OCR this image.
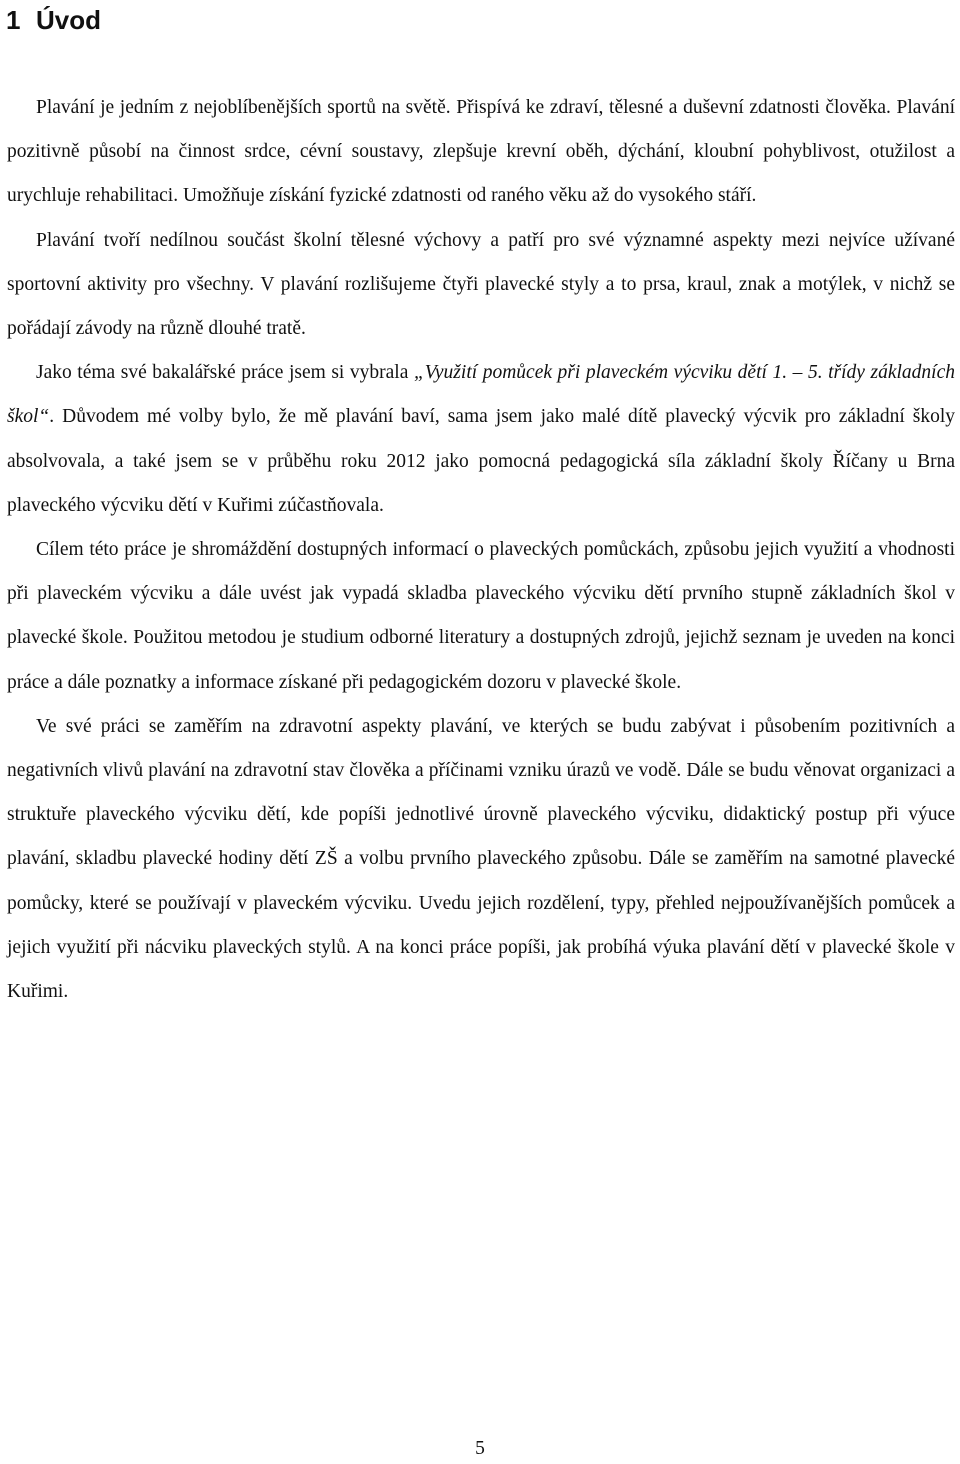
1 Úvod

Plavání je jedním z nejoblíbenějších sportů na světě. Přispívá ke zdraví, tělesné a duševní zdatnosti člověka. Plavání pozitivně působí na činnost srdce, cévní soustavy, zlepšuje krevní oběh, dýchání, kloubní pohyblivost, otužilost a urychluje rehabilitaci. Umožňuje získání fyzické zdatnosti od raného věku až do vysokého stáří.

Plavání tvoří nedílnou součást školní tělesné výchovy a patří pro své významné aspekty mezi nejvíce užívané sportovní aktivity pro všechny. V plavání rozlišujeme čtyři plavecké styly a to prsa, kraul, znak a motýlek, v nichž se pořádají závody na různě dlouhé tratě.

Jako téma své bakalářské práce jsem si vybrala „Využití pomůcek při plaveckém výcviku dětí 1. – 5. třídy základních škol“. Důvodem mé volby bylo, že mě plavání baví, sama jsem jako malé dítě plavecký výcvik pro základní školy absolvovala, a také jsem se v průběhu roku 2012 jako pomocná pedagogická síla základní školy Říčany u Brna plaveckého výcviku dětí v Kuřimi zúčastňovala.

Cílem této práce je shromáždění dostupných informací o plaveckých pomůckách, způsobu jejich využití a vhodnosti při plaveckém výcviku a dále uvést jak vypadá skladba plaveckého výcviku dětí prvního stupně základních škol v plavecké škole. Použitou metodou je studium odborné literatury a dostupných zdrojů, jejichž seznam je uveden na konci práce a dále poznatky a informace získané při pedagogickém dozoru v plavecké škole.

Ve své práci se zaměřím na zdravotní aspekty plavání, ve kterých se budu zabývat i působením pozitivních a negativních vlivů plavání na zdravotní stav člověka a příčinami vzniku úrazů ve vodě. Dále se budu věnovat organizaci a struktuře plaveckého výcviku dětí, kde popíši jednotlivé úrovně plaveckého výcviku, didaktický postup při výuce plavání, skladbu plavecké hodiny dětí ZŠ a volbu prvního plaveckého způsobu. Dále se zaměřím na samotné plavecké pomůcky, které se používají v plaveckém výcviku. Uvedu jejich rozdělení, typy, přehled nejpoužívanějších pomůcek a jejich využití při nácviku plaveckých stylů. A na konci práce popíši, jak probíhá výuka plavání dětí v plavecké škole v Kuřimi.

5
